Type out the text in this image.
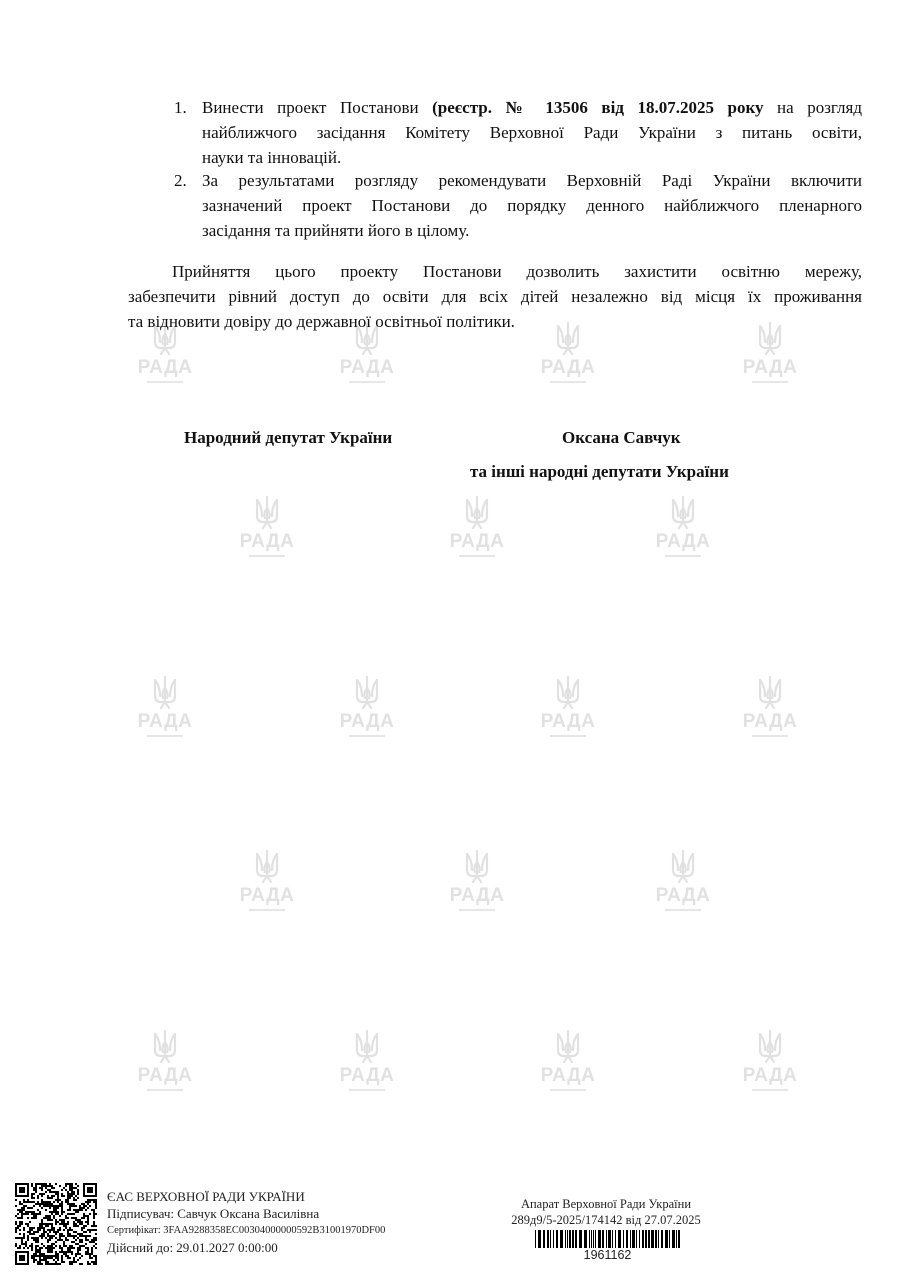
РАДА	РАДА	РАДА	РАДА
РАДА	РАДА	РАДА
РАДА	РАДА	РАДА	РАДА
РАДА	РАДА	РАДА
РАДА	РАДА	РАДА	РАДА
1. Винести проект Постанови (реєстр. № 13506 від 18.07.2025 року на розгляд

найближчого засідання Комітету Верховної Ради України з питань освіти,

науки та інновацій.

2. За результатами розгляду рекомендувати Верховній Раді України включити

зазначений проект Постанови до порядку денного найближчого пленарного

засідання та прийняти його в цілому.

Прийняття цього проекту Постанови дозволить захистити освітню мережу,

забезпечити рівний доступ до освіти для всіх дітей незалежно від місця їх проживання

та відновити довіру до державної освітньої політики.

Народний депутат України	Оксана Савчук
та інші народні депутати України
ЄАС ВЕРХОВНОЇ РАДИ УКРАЇНИ
Підписувач: Савчук Оксана Василівна
Сертифікат: 3FAA9288358EC00304000000592B31001970DF00
Дійсний до: 29.01.2027 0:00:00
Апарат Верховної Ради України
289д9/5-2025/174142 від 27.07.2025
1961162
